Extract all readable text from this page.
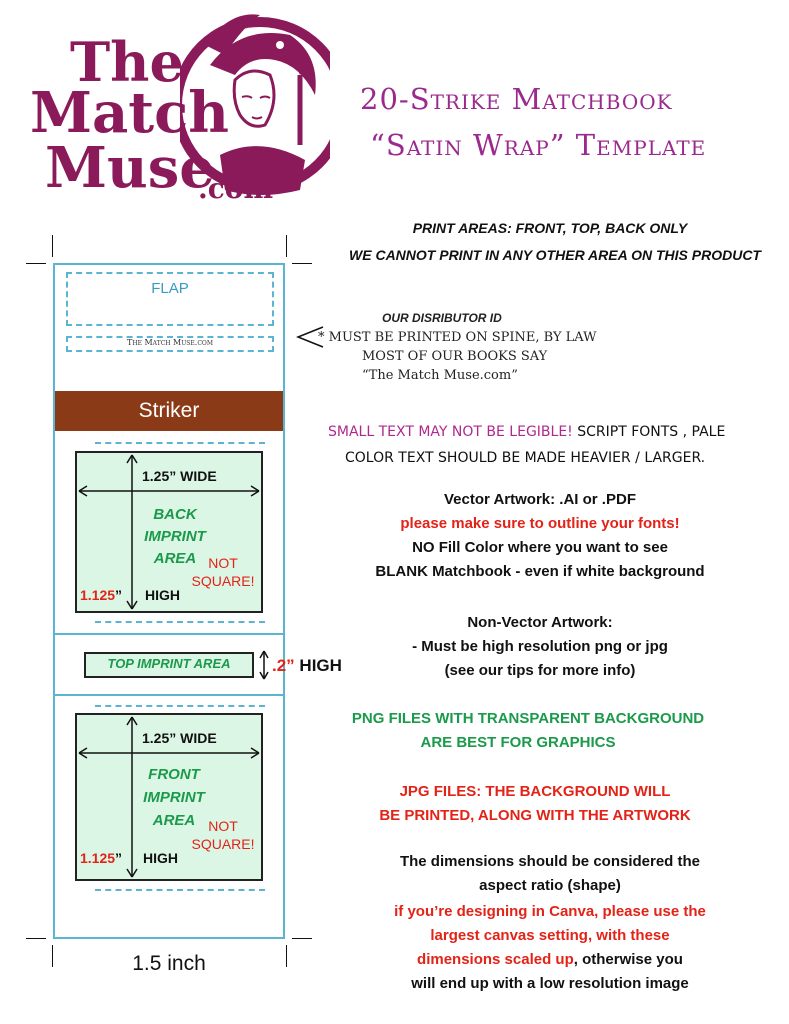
The
Match
Muse
.com
20-Strike Matchbook
“Satin Wrap” Template
PRINT AREAS: FRONT, TOP, BACK ONLY
WE CANNOT PRINT IN ANY OTHER AREA ON THIS PRODUCT
OUR DISRIBUTOR ID
* MUST BE PRINTED ON SPINE, BY LAW
MOST OF OUR BOOKS SAY
“The Match Muse.com”
SMALL TEXT MAY NOT BE LEGIBLE! SCRIPT FONTS , PALE
COLOR TEXT SHOULD BE MADE HEAVIER / LARGER.
Vector Artwork: .AI or .PDF
please make sure to outline your fonts!
NO Fill Color where you want to see
BLANK Matchbook - even if white background
Non-Vector Artwork:
- Must be high resolution png or jpg
(see our tips for more info)
PNG FILES WITH TRANSPARENT BACKGROUND
ARE BEST FOR GRAPHICS
JPG FILES: THE BACKGROUND WILL
BE PRINTED, ALONG WITH THE ARTWORK
The dimensions should be considered the
aspect ratio (shape)
if you’re designing in Canva, please use the
largest canvas setting, with these
dimensions scaled up, otherwise you
will end up with a low resolution image
FLAP
The Match Muse.com
Striker
1.25” WIDE
BACK
IMPRINT
AREA NOT
SQUARE!
1.125” HIGH
TOP IMPRINT AREA	.2” HIGH
1.25” WIDE
FRONT
IMPRINT
AREA NOT
SQUARE!
1.125” HIGH
1.5 inch
